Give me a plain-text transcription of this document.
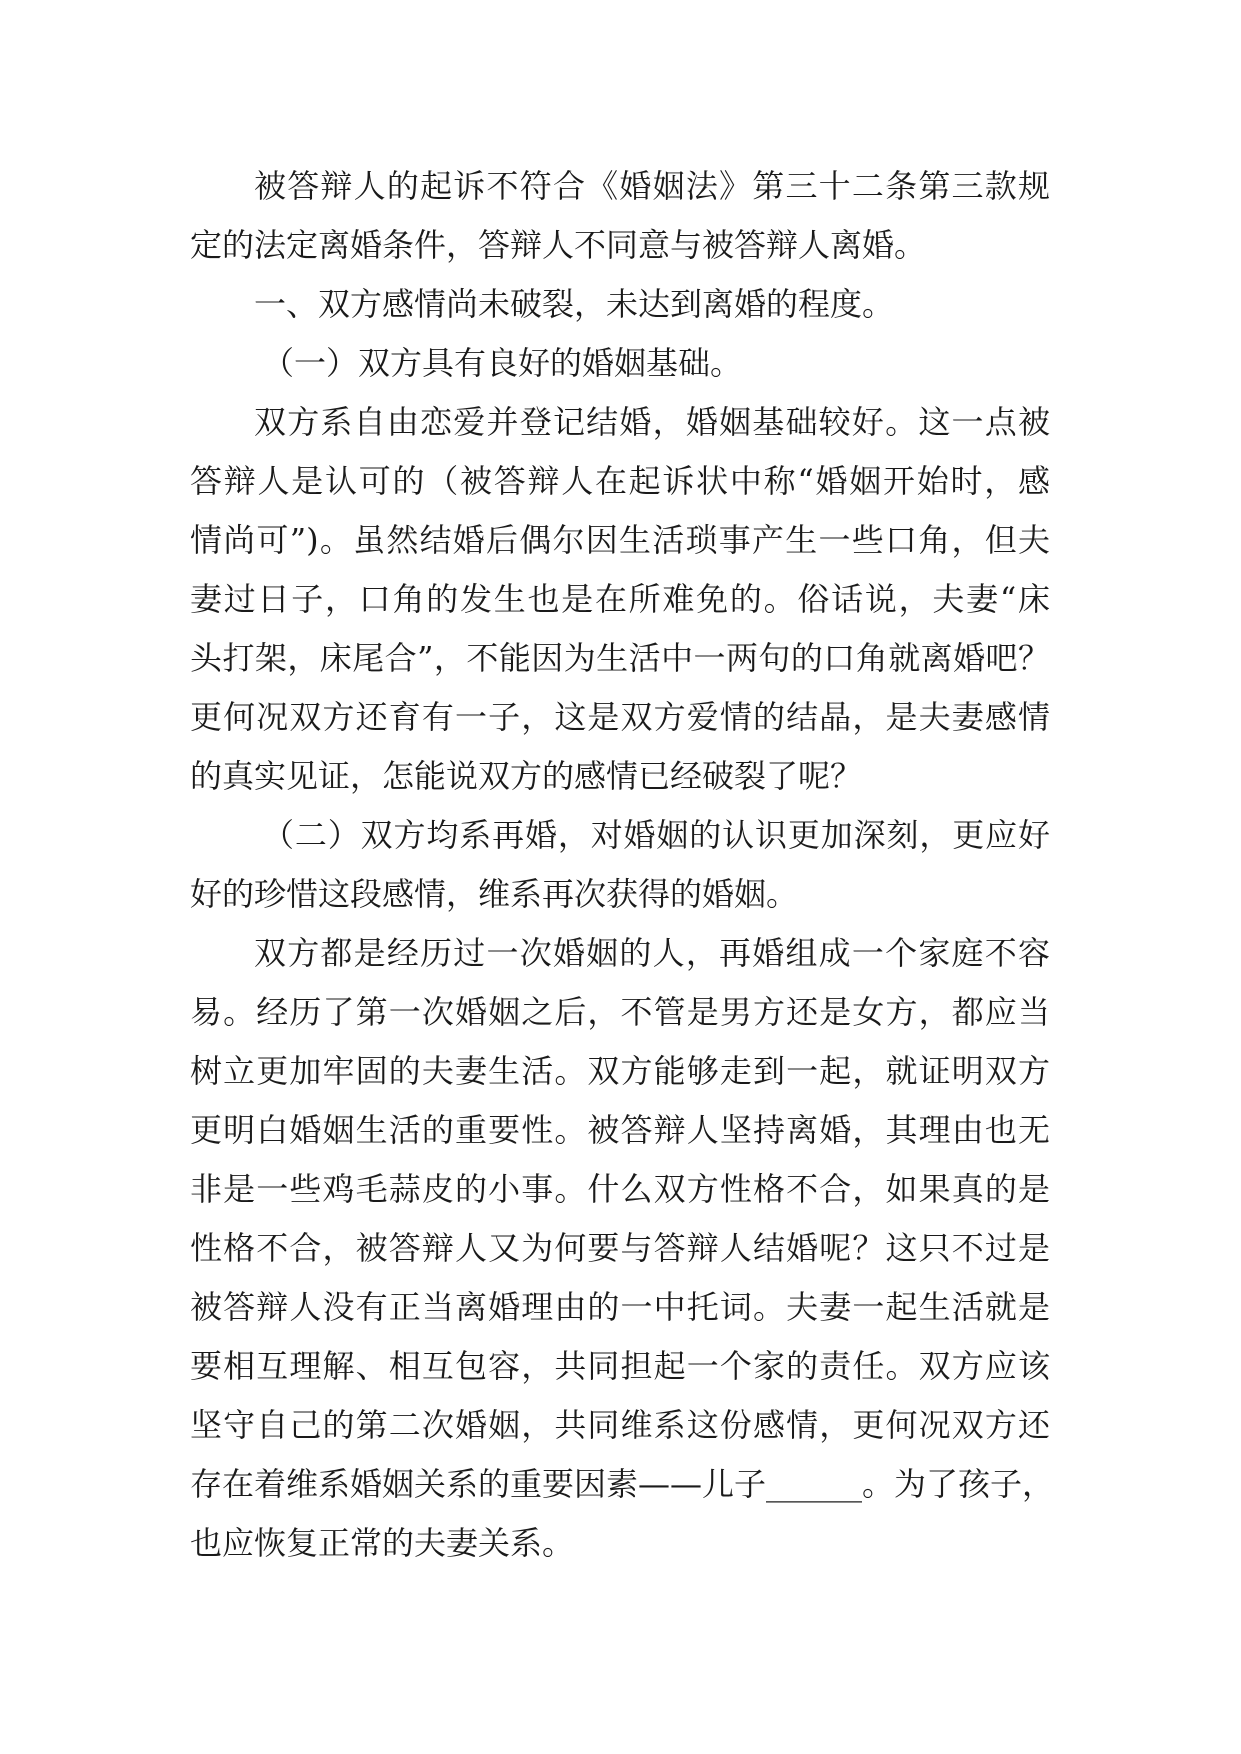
被答辩人的起诉不符合《婚姻法》第三十二条第三款规
定的法定离婚条件，答辩人不同意与被答辩人离婚。
一、双方感情尚未破裂，未达到离婚的程度。
（一）双方具有良好的婚姻基础。
双方系自由恋爱并登记结婚，婚姻基础较好。这一点被
答辩人是认可的（被答辩人在起诉状中称“婚姻开始时，感
情尚可”)。虽然结婚后偶尔因生活琐事产生一些口角，但夫
妻过日子，口角的发生也是在所难免的。俗话说，夫妻“床
头打架，床尾合”，不能因为生活中一两句的口角就离婚吧？
更何况双方还育有一子，这是双方爱情的结晶，是夫妻感情
的真实见证，怎能说双方的感情已经破裂了呢？
（二）双方均系再婚，对婚姻的认识更加深刻，更应好
好的珍惜这段感情，维系再次获得的婚姻。
双方都是经历过一次婚姻的人，再婚组成一个家庭不容
易。经历了第一次婚姻之后，不管是男方还是女方，都应当
树立更加牢固的夫妻生活。双方能够走到一起，就证明双方
更明白婚姻生活的重要性。被答辩人坚持离婚，其理由也无
非是一些鸡毛蒜皮的小事。什么双方性格不合，如果真的是
性格不合，被答辩人又为何要与答辩人结婚呢？这只不过是
被答辩人没有正当离婚理由的一中托词。夫妻一起生活就是
要相互理解、相互包容，共同担起一个家的责任。双方应该
坚守自己的第二次婚姻，共同维系这份感情，更何况双方还
存在着维系婚姻关系的重要因素——儿子______。为了孩子，
也应恢复正常的夫妻关系。
